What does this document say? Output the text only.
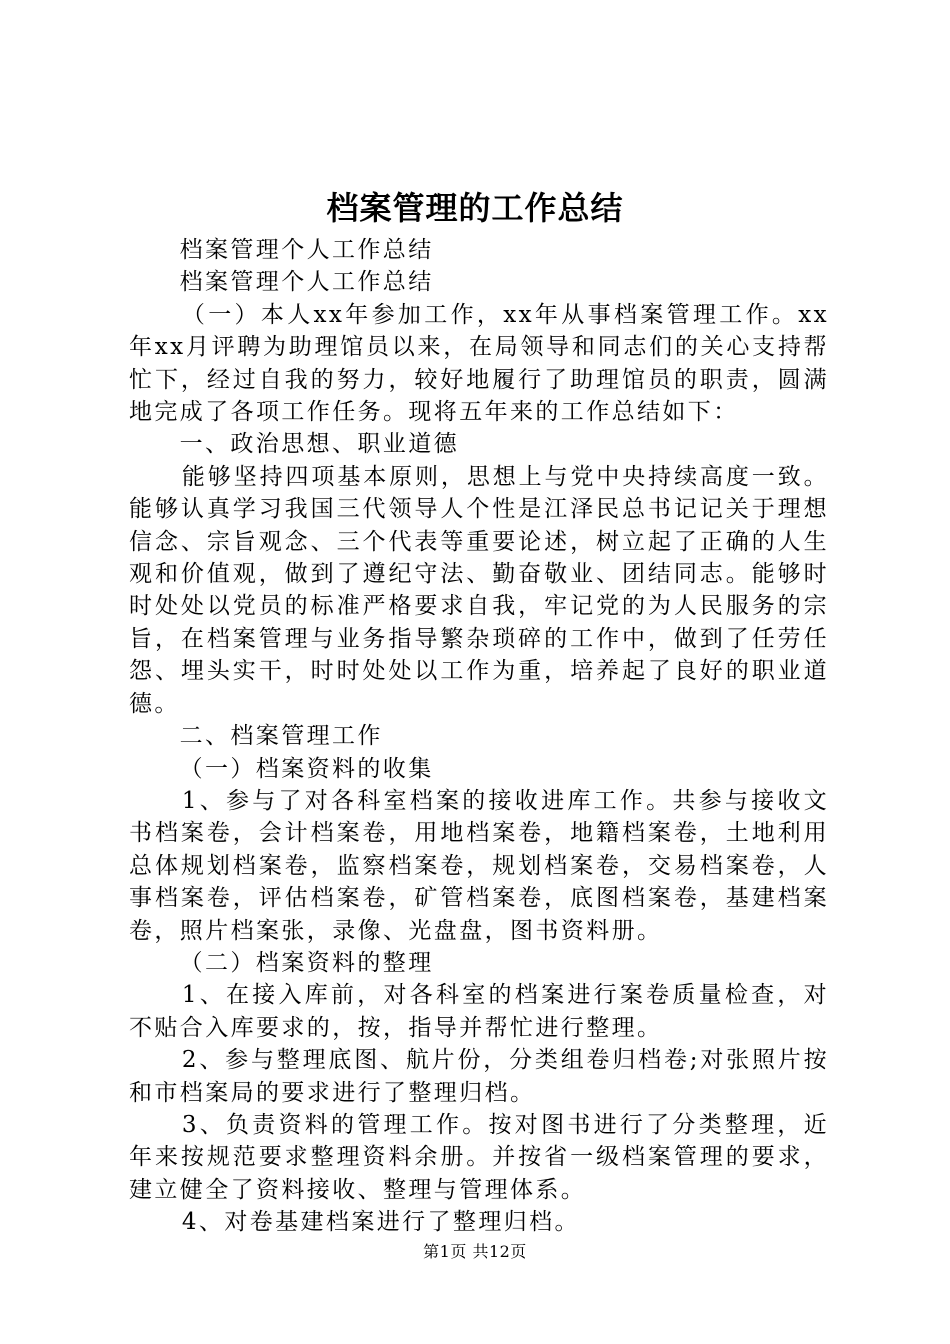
档案管理的工作总结

档案管理个人工作总结

档案管理个人工作总结

（一）本人xx年参加工作，xx年从事档案管理工作。xx年xx月评聘为助理馆员以来，在局领导和同志们的关心支持帮忙下，经过自我的努力，较好地履行了助理馆员的职责，圆满地完成了各项工作任务。现将五年来的工作总结如下：

一、政治思想、职业道德

能够坚持四项基本原则，思想上与党中央持续高度一致。能够认真学习我国三代领导人个性是江泽民总书记记关于理想信念、宗旨观念、三个代表等重要论述，树立起了正确的人生观和价值观，做到了遵纪守法、勤奋敬业、团结同志。能够时时处处以党员的标准严格要求自我，牢记党的为人民服务的宗旨，在档案管理与业务指导繁杂琐碎的工作中，做到了任劳任怨、埋头实干，时时处处以工作为重，培养起了良好的职业道德。

二、档案管理工作

（一）档案资料的收集

1、参与了对各科室档案的接收进库工作。共参与接收文书档案卷，会计档案卷，用地档案卷，地籍档案卷，土地利用总体规划档案卷，监察档案卷，规划档案卷，交易档案卷，人事档案卷，评估档案卷，矿管档案卷，底图档案卷，基建档案卷，照片档案张，录像、光盘盘，图书资料册。

（二）档案资料的整理

1、在接入库前，对各科室的档案进行案卷质量检查，对不贴合入库要求的，按，指导并帮忙进行整理。

2、参与整理底图、航片份，分类组卷归档卷;对张照片按和市档案局的要求进行了整理归档。

3、负责资料的管理工作。按对图书进行了分类整理，近年来按规范要求整理资料余册。并按省一级档案管理的要求，建立健全了资料接收、整理与管理体系。

4、对卷基建档案进行了整理归档。

第1页 共12页
